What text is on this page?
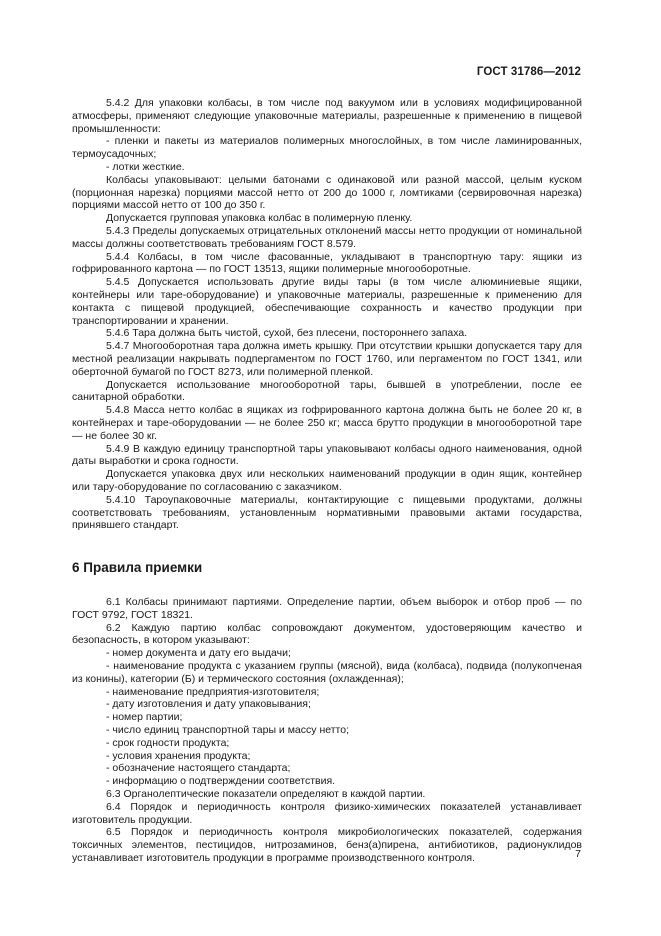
ГОСТ 31786—2012

5.4.2 Для упаковки колбасы, в том числе под вакуумом или в условиях модифицированной атмосферы, применяют следующие упаковочные материалы, разрешенные к применению в пищевой промышленности:

- пленки и пакеты из материалов полимерных многослойных, в том числе ламинированных, термоусадочных;

- лотки жесткие.

Колбасы упаковывают: целыми батонами с одинаковой или разной массой, целым куском (порционная нарезка) порциями массой нетто от 200 до 1000 г, ломтиками (сервировочная нарезка) порциями массой нетто от 100 до 350 г.

Допускается групповая упаковка колбас в полимерную пленку.

5.4.3 Пределы допускаемых отрицательных отклонений массы нетто продукции от номинальной массы должны соответствовать требованиям ГОСТ 8.579.

5.4.4 Колбасы, в том числе фасованные, укладывают в транспортную тару: ящики из гофрированного картона — по ГОСТ 13513, ящики полимерные многооборотные.

5.4.5 Допускается использовать другие виды тары (в том числе алюминиевые ящики, контейнеры или таре-оборудование) и упаковочные материалы, разрешенные к применению для контакта с пищевой продукцией, обеспечивающие сохранность и качество продукции при транспортировании и хранении.

5.4.6 Тара должна быть чистой, сухой, без плесени, постороннего запаха.

5.4.7 Многооборотная тара должна иметь крышку. При отсутствии крышки допускается тару для местной реализации накрывать подпергаментом по ГОСТ 1760, или пергаментом по ГОСТ 1341, или оберточной бумагой по ГОСТ 8273, или полимерной пленкой.

Допускается использование многооборотной тары, бывшей в употреблении, после ее санитарной обработки.

5.4.8 Масса нетто колбас в ящиках из гофрированного картона должна быть не более 20 кг, в контейнерах и таре-оборудовании — не более 250 кг; масса брутто продукции в многооборотной таре — не более 30 кг.

5.4.9 В каждую единицу транспортной тары упаковывают колбасы одного наименования, одной даты выработки и срока годности.

Допускается упаковка двух или нескольких наименований продукции в один ящик, контейнер или тару-оборудование по согласованию с заказчиком.

5.4.10 Тароупаковочные материалы, контактирующие с пищевыми продуктами, должны соответствовать требованиям, установленным нормативными правовыми актами государства, принявшего стандарт.

6 Правила приемки

6.1 Колбасы принимают партиями. Определение партии, объем выборок и отбор проб — по ГОСТ 9792, ГОСТ 18321.

6.2 Каждую партию колбас сопровождают документом, удостоверяющим качество и безопасность, в котором указывают:

- номер документа и дату его выдачи;

- наименование продукта с указанием группы (мясной), вида (колбаса), подвида (полукопченая из конины), категории (Б) и термического состояния (охлажденная);

- наименование предприятия-изготовителя;

- дату изготовления и дату упаковывания;

- номер партии;

- число единиц транспортной тары и массу нетто;

- срок годности продукта;

- условия хранения продукта;

- обозначение настоящего стандарта;

- информацию о подтверждении соответствия.

6.3 Органолептические показатели определяют в каждой партии.

6.4 Порядок и периодичность контроля физико-химических показателей устанавливает изготовитель продукции.

6.5 Порядок и периодичность контроля микробиологических показателей, содержания токсичных элементов, пестицидов, нитрозаминов, бенз(а)пирена, антибиотиков, радионуклидов устанавливает изготовитель продукции в программе производственного контроля.	7
